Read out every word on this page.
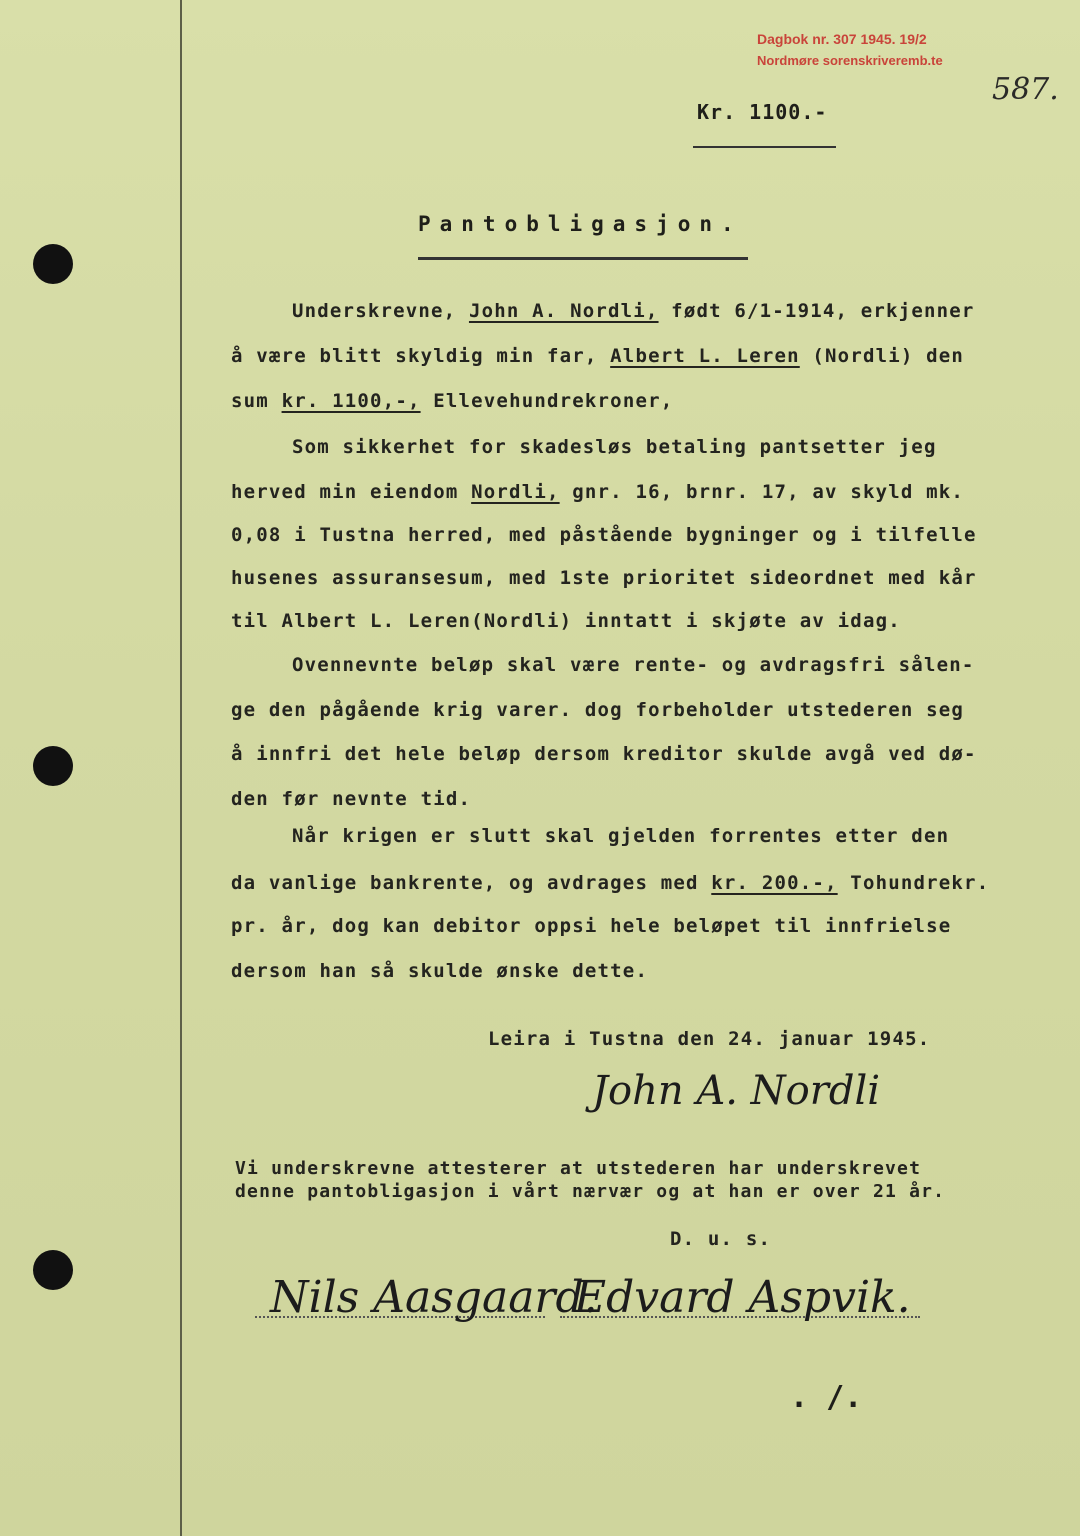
Dagbok nr. 307 1945. 19/2
Nordmøre sorenskriveremb.te
587.
Kr. 1100.-
Pantobligasjon.
Underskrevne, John A. Nordli, født 6/1-1914, erkjenner
å være blitt skyldig min far, Albert L. Leren (Nordli) den
sum kr. 1100,-, Ellevehundrekroner,
Som sikkerhet for skadesløs betaling pantsetter jeg
herved min eiendom Nordli, gnr. 16, brnr. 17, av skyld mk.
0,08 i Tustna herred, med påstående bygninger og i tilfelle
husenes assuransesum, med 1ste prioritet sideordnet med kår
til Albert L. Leren(Nordli) inntatt i skjøte av idag.
Ovennevnte beløp skal være rente- og avdragsfri sålen-
ge den pågående krig varer. dog forbeholder utstederen seg
å innfri det hele beløp dersom kreditor skulde avgå ved dø-
den før nevnte tid.
Når krigen er slutt skal gjelden forrentes etter den
da vanlige bankrente, og avdrages med kr. 200.-, Tohundrekr.
pr. år, dog kan debitor oppsi hele beløpet til innfrielse
dersom han så skulde ønske dette.
Leira i Tustna den 24. januar 1945.
John A. Nordli
Vi underskrevne attesterer at utstederen har underskrevet
denne pantobligasjon i vårt nærvær og at han er over 21 år.
D. u. s.
Nils Aasgaard.
Edvard Aspvik.
. /.
